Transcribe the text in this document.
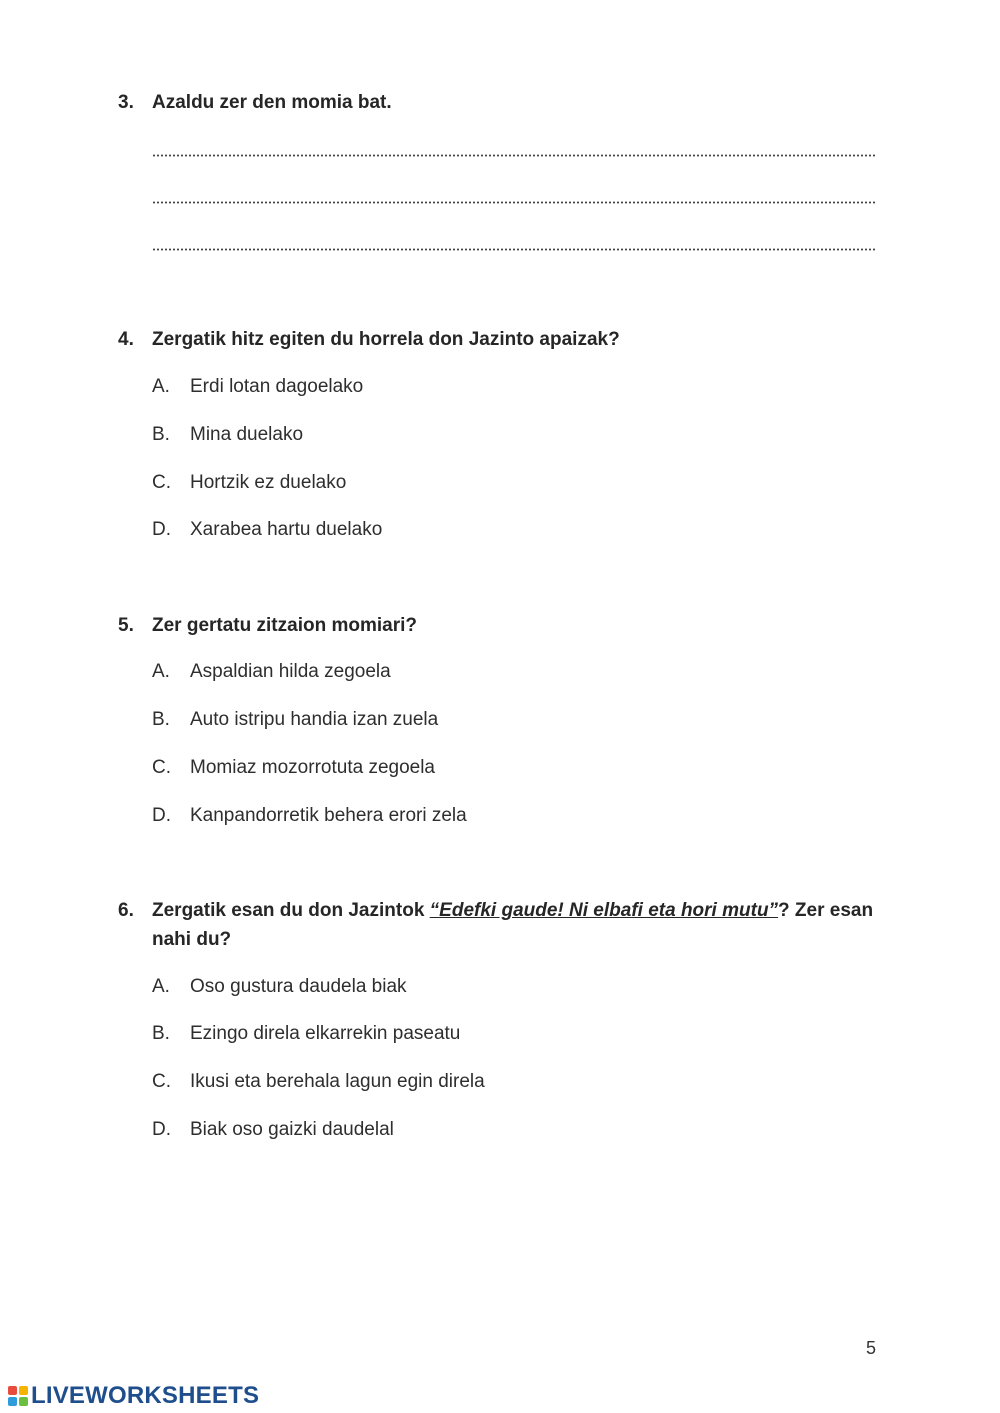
3. Azaldu zer den momia bat.
4. Zergatik hitz egiten du horrela don Jazinto apaizak?
A. Erdi lotan dagoelako
B. Mina duelako
C. Hortzik ez duelako
D. Xarabea hartu duelako
5. Zer gertatu zitzaion momiari?
A. Aspaldian hilda zegoela
B. Auto istripu handia izan zuela
C. Momiaz mozorrotuta zegoela
D. Kanpandorretik behera erori zela
6. Zergatik esan du don Jazintok “Edefki gaude! Ni elbafi eta hori mutu”? Zer esan nahi du?
A. Oso gustura daudela biak
B. Ezingo direla elkarrekin paseatu
C. Ikusi eta berehala lagun egin direla
D. Biak oso gaizki daudelal
5
LIVEWORKSHEETS
